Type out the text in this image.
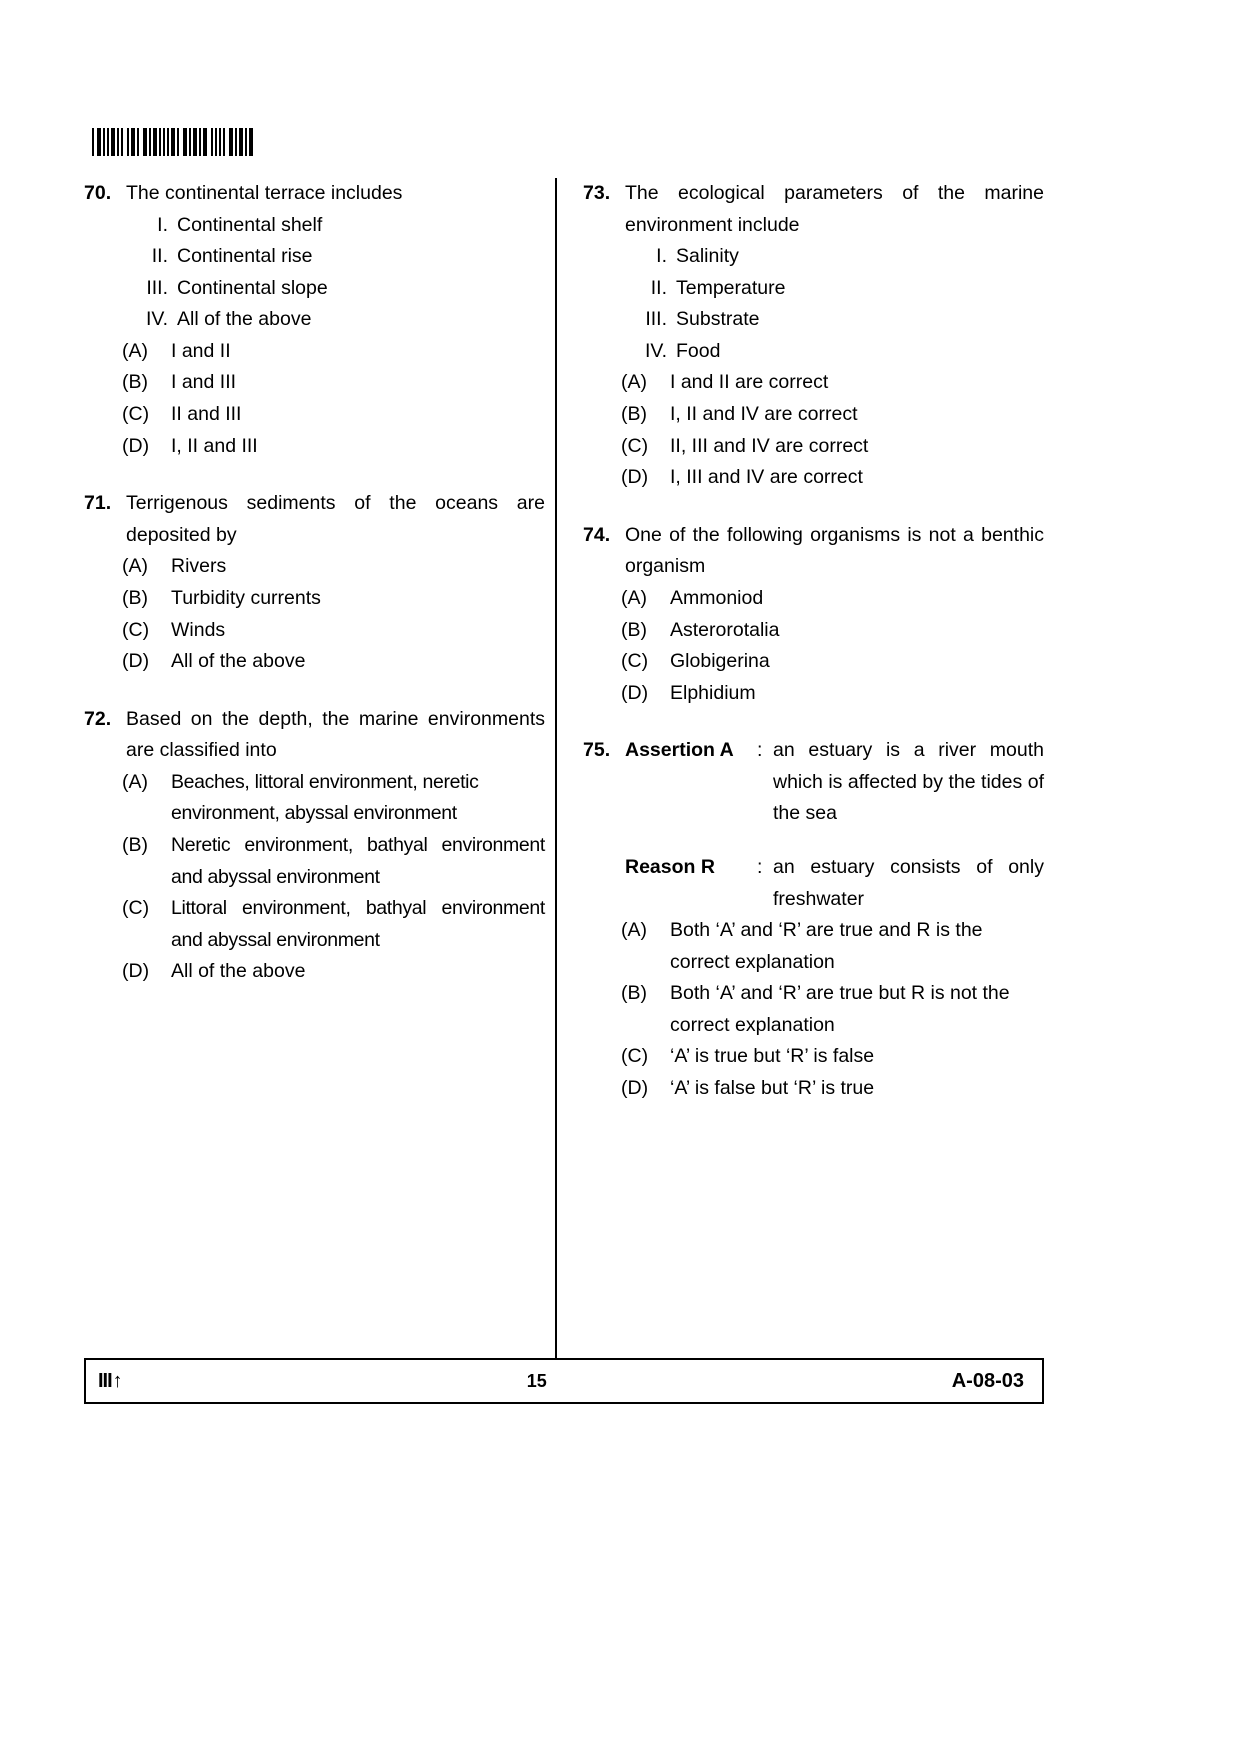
70. The continental terrace includes
I. Continental shelf
II. Continental rise
III. Continental slope
IV. All of the above
(A)	I and II
(B)	I and III
(C)	II and III
(D)	I, II and III
71. Terrigenous sediments of the oceans are deposited by
(A)	Rivers
(B)	Turbidity currents
(C)	Winds
(D)	All of the above
72. Based on the depth, the marine environments are classified into
(A)	Beaches, littoral environment, neretic environment, abyssal environment
(B)	Neretic environment, bathyal environment and abyssal environment
(C)	Littoral environment, bathyal environment and abyssal environment
(D)	All of the above
73. The ecological parameters of the marine environment include
I. Salinity
II. Temperature
III. Substrate
IV. Food
(A)	I and II are correct
(B)	I, II and IV are correct
(C)	II, III and IV are correct
(D)	I, III and IV are correct
74. One of the following organisms is not a benthic organism
(A)	Ammoniod
(B)	Asterorotalia
(C)	Globigerina
(D)	Elphidium
75. Assertion A	: an estuary is a river mouth which is affected by the tides of the sea
Reason R	: an estuary consists of only freshwater
(A)	Both ‘A’ and ‘R’ are true and R is the correct explanation
(B)	Both ‘A’ and ‘R’ are true but R is not the correct explanation
(C)	‘A’ is true but ‘R’ is false
(D)	‘A’ is false but ‘R’ is true
III ↑	15	A-08-03
